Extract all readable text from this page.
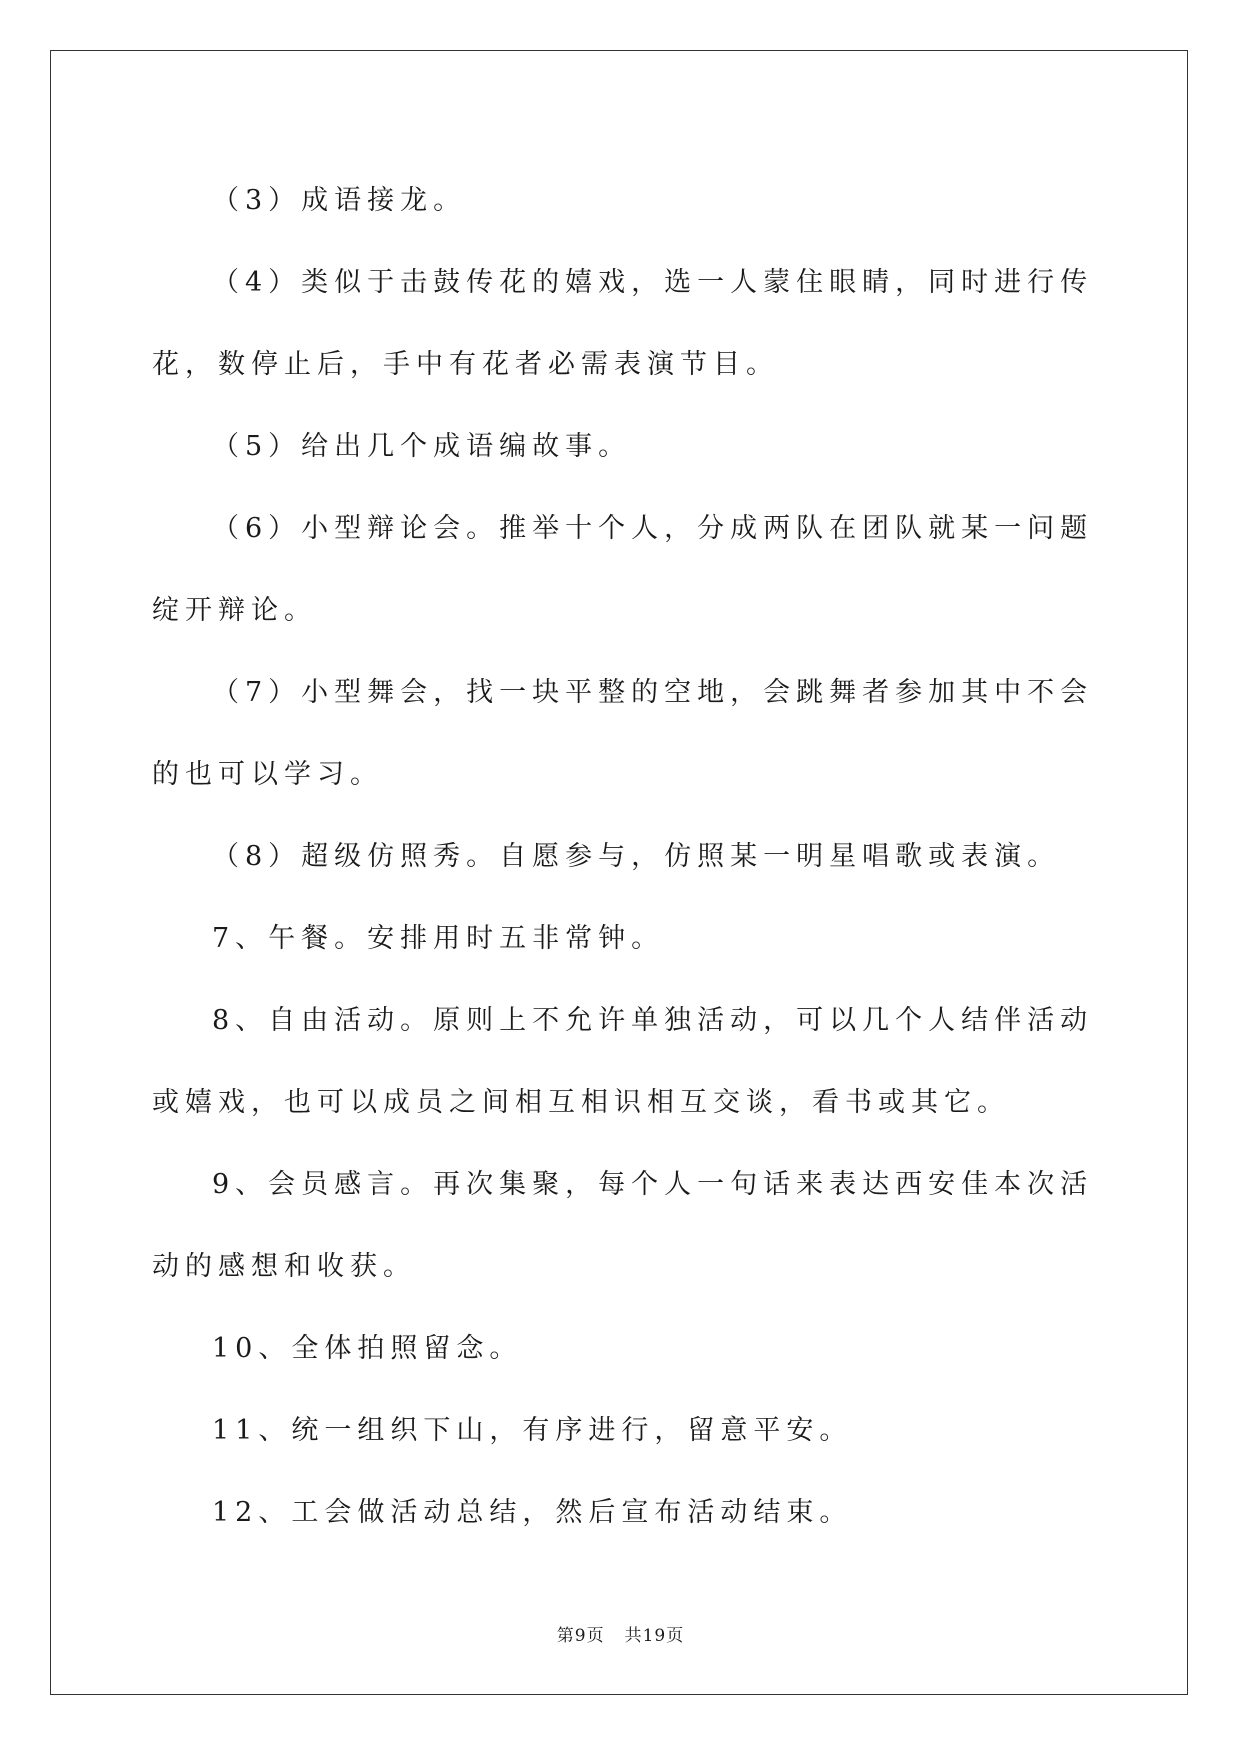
（3）成语接龙。

（4）类似于击鼓传花的嬉戏，选一人蒙住眼睛，同时进行传花，数停止后，手中有花者必需表演节目。

（5）给出几个成语编故事。

（6）小型辩论会。推举十个人，分成两队在团队就某一问题绽开辩论。

（7）小型舞会，找一块平整的空地，会跳舞者参加其中不会的也可以学习。

（8）超级仿照秀。自愿参与，仿照某一明星唱歌或表演。

7、午餐。安排用时五非常钟。

8、自由活动。原则上不允许单独活动，可以几个人结伴活动或嬉戏，也可以成员之间相互相识相互交谈，看书或其它。

9、会员感言。再次集聚，每个人一句话来表达西安佳本次活动的感想和收获。

10、全体拍照留念。

11、统一组织下山，有序进行，留意平安。

12、工会做活动总结，然后宣布活动结束。

第9页 共19页
